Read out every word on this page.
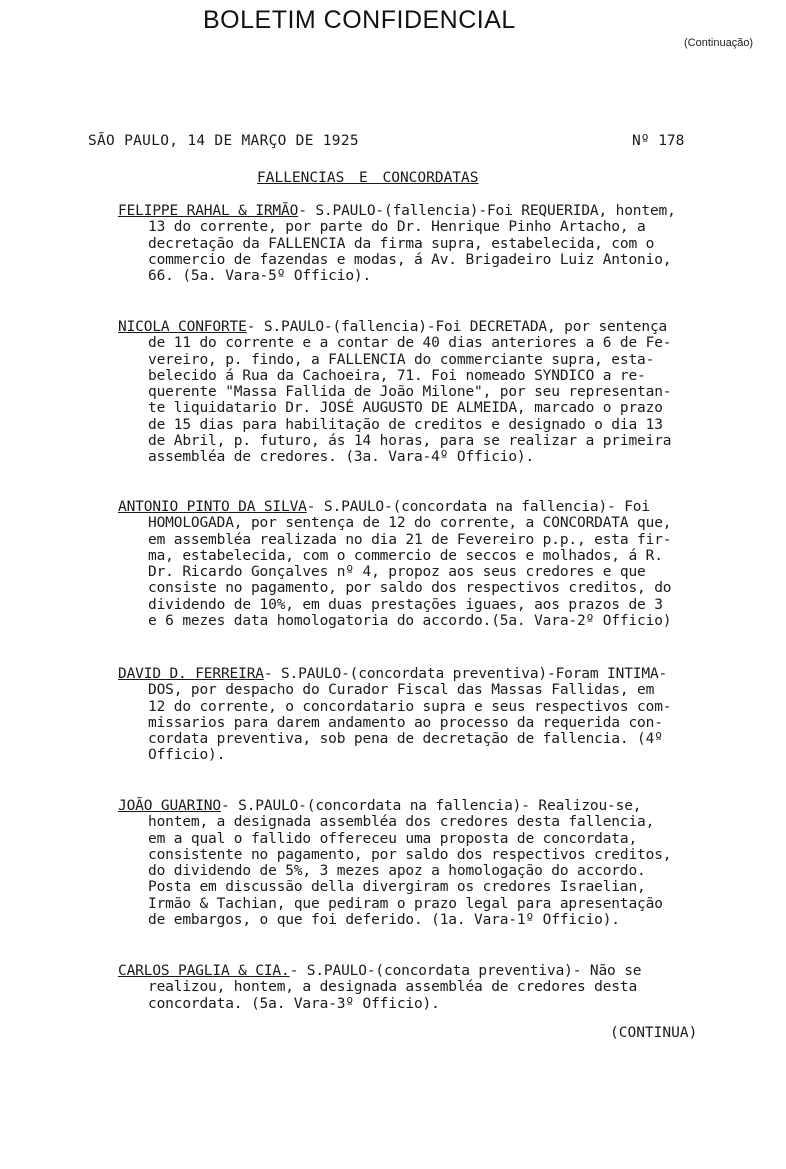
BOLETIM CONFIDENCIAL
(Continuação)
SÃO PAULO, 14 DE MARÇO DE 1925	Nº 178
FALLENCIAS E CONCORDATAS
FELIPPE RAHAL & IRMÃO- S.PAULO-(fallencia)-Foi REQUERIDA, hontem,
13 do corrente, por parte do Dr. Henrique Pinho Artacho, a
decretação da FALLENCIA da firma supra, estabelecida, com o
commercio de fazendas e modas, á Av. Brigadeiro Luiz Antonio,
66. (5a. Vara-5º Officio).
NICOLA CONFORTE- S.PAULO-(fallencia)-Foi DECRETADA, por sentença
de 11 do corrente e a contar de 40 dias anteriores a 6 de Fe-
vereiro, p. findo, a FALLENCIA do commerciante supra, esta-
belecido á Rua da Cachoeira, 71. Foi nomeado SYNDICO a re-
querente "Massa Fallida de João Milone", por seu representan-
te liquidatario Dr. JOSÉ AUGUSTO DE ALMEIDA, marcado o prazo
de 15 dias para habilitação de creditos e designado o dia 13
de Abril, p. futuro, ás 14 horas, para se realizar a primeira
assembléa de credores. (3a. Vara-4º Officio).
ANTONIO PINTO DA SILVA- S.PAULO-(concordata na fallencia)- Foi
HOMOLOGADA, por sentença de 12 do corrente, a CONCORDATA que,
em assembléa realizada no dia 21 de Fevereiro p.p., esta fir-
ma, estabelecida, com o commercio de seccos e molhados, á R.
Dr. Ricardo Gonçalves nº 4, propoz aos seus credores e que
consiste no pagamento, por saldo dos respectivos creditos, do
dividendo de 10%, em duas prestações iguaes, aos prazos de 3
e 6 mezes data homologatoria do accordo.(5a. Vara-2º Officio)
DAVID D. FERREIRA- S.PAULO-(concordata preventiva)-Foram INTIMA-
DOS, por despacho do Curador Fiscal das Massas Fallidas, em
12 do corrente, o concordatario supra e seus respectivos com-
missarios para darem andamento ao processo da requerida con-
cordata preventiva, sob pena de decretação de fallencia. (4º
Officio).
JOÃO GUARINO- S.PAULO-(concordata na fallencia)- Realizou-se,
hontem, a designada assembléa dos credores desta fallencia,
em a qual o fallido offereceu uma proposta de concordata,
consistente no pagamento, por saldo dos respectivos creditos,
do dividendo de 5%, 3 mezes apoz a homologação do accordo.
Posta em discussão della divergiram os credores Israelian,
Irmão & Tachian, que pediram o prazo legal para apresentação
de embargos, o que foi deferido. (1a. Vara-1º Officio).
CARLOS PAGLIA & CIA.- S.PAULO-(concordata preventiva)- Não se
realizou, hontem, a designada assembléa de credores desta
concordata. (5a. Vara-3º Officio).
(CONTINUA)
